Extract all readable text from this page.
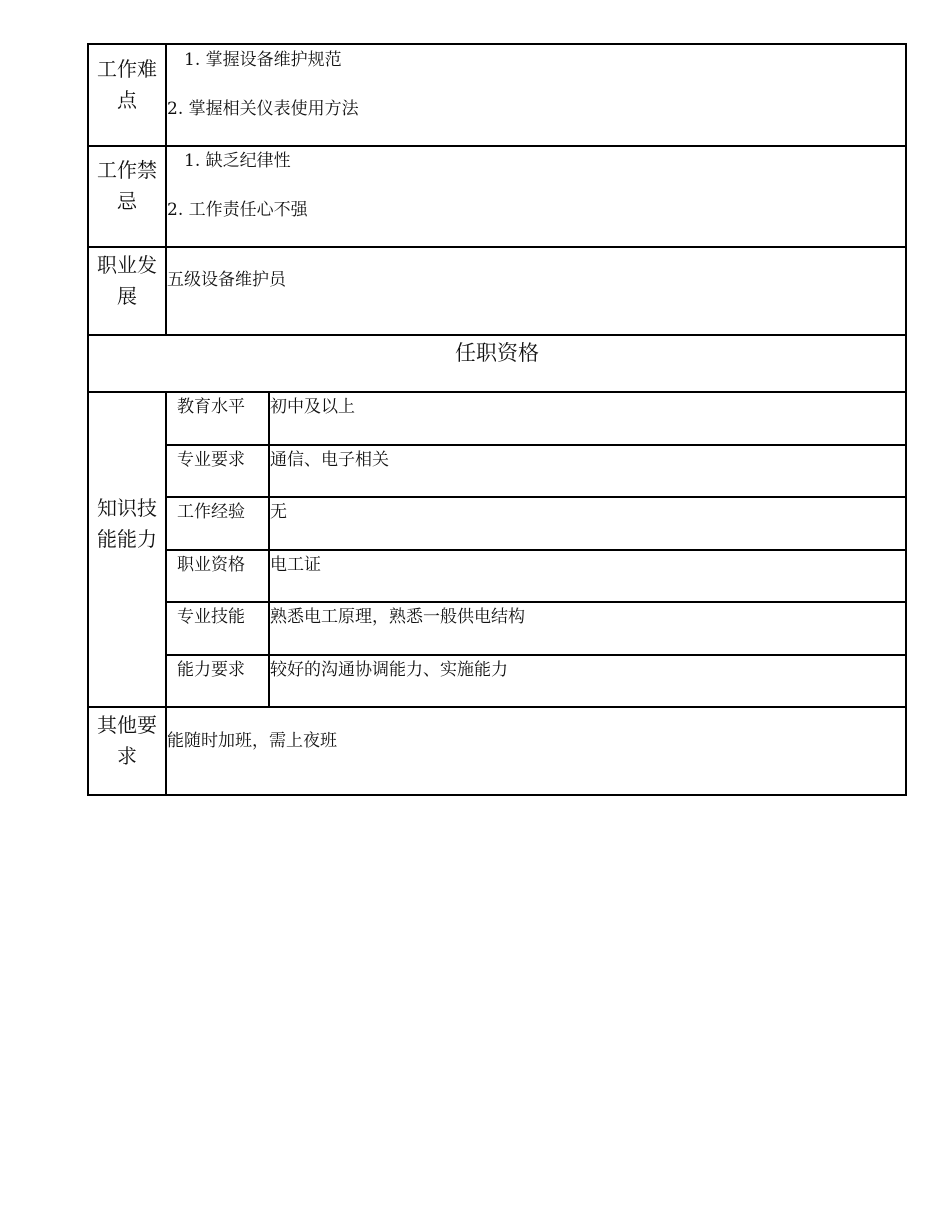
工作难点
1. 掌握设备维护规范
2. 掌握相关仪表使用方法
工作禁忌
1. 缺乏纪律性
2. 工作责任心不强
职业发展
五级设备维护员
任职资格
知识技能能力
教育水平 初中及以上
专业要求 通信、电子相关
工作经验 无
职业资格 电工证
专业技能 熟悉电工原理，熟悉一般供电结构
能力要求 较好的沟通协调能力、实施能力
其他要求
能随时加班，需上夜班
